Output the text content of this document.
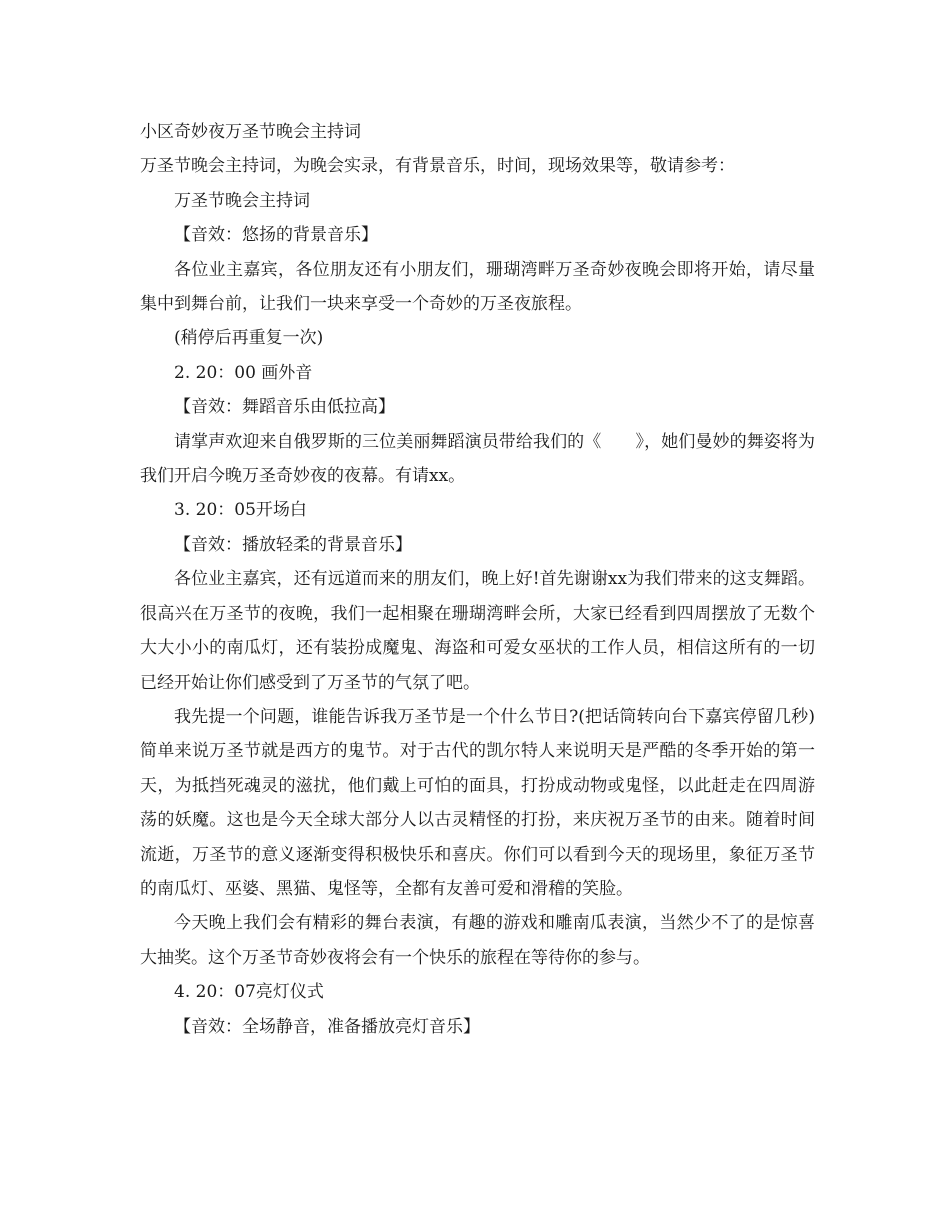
小区奇妙夜万圣节晚会主持词
万圣节晚会主持词，为晚会实录，有背景音乐，时间，现场效果等，敬请参考：
万圣节晚会主持词
【音效：悠扬的背景音乐】
各位业主嘉宾，各位朋友还有小朋友们，珊瑚湾畔万圣奇妙夜晚会即将开始，请尽量集中到舞台前，让我们一块来享受一个奇妙的万圣夜旅程。
(稍停后再重复一次)
2. 20：00 画外音
【音效：舞蹈音乐由低拉高】
请掌声欢迎来自俄罗斯的三位美丽舞蹈演员带给我们的《　　》，她们曼妙的舞姿将为我们开启今晚万圣奇妙夜的夜幕。有请xx。
3. 20：05开场白
【音效：播放轻柔的背景音乐】
各位业主嘉宾，还有远道而来的朋友们，晚上好!首先谢谢xx为我们带来的这支舞蹈。很高兴在万圣节的夜晚，我们一起相聚在珊瑚湾畔会所，大家已经看到四周摆放了无数个大大小小的南瓜灯，还有装扮成魔鬼、海盗和可爱女巫状的工作人员，相信这所有的一切已经开始让你们感受到了万圣节的气氛了吧。
我先提一个问题，谁能告诉我万圣节是一个什么节日?(把话筒转向台下嘉宾停留几秒)简单来说万圣节就是西方的鬼节。对于古代的凯尔特人来说明天是严酷的冬季开始的第一天，为抵挡死魂灵的滋扰，他们戴上可怕的面具，打扮成动物或鬼怪，以此赶走在四周游荡的妖魔。这也是今天全球大部分人以古灵精怪的打扮，来庆祝万圣节的由来。随着时间流逝，万圣节的意义逐渐变得积极快乐和喜庆。你们可以看到今天的现场里，象征万圣节的南瓜灯、巫婆、黑猫、鬼怪等，全都有友善可爱和滑稽的笑脸。
今天晚上我们会有精彩的舞台表演，有趣的游戏和雕南瓜表演，当然少不了的是惊喜大抽奖。这个万圣节奇妙夜将会有一个快乐的旅程在等待你的参与。
4. 20：07亮灯仪式
【音效：全场静音，准备播放亮灯音乐】
